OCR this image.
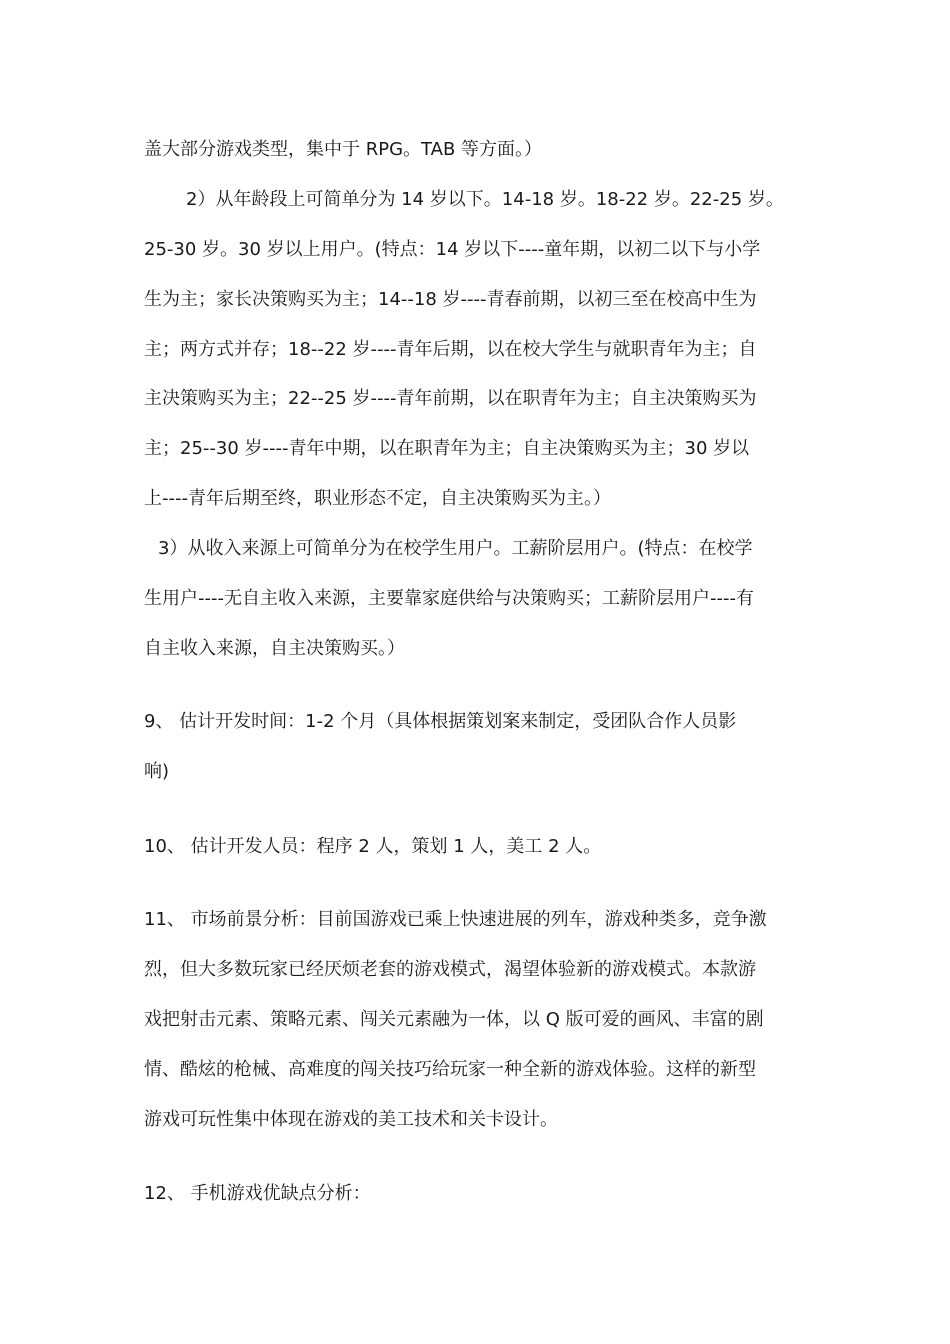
盖大部分游戏类型，集中于 RPG。TAB 等方面。）
2）从年龄段上可简单分为 14 岁以下。14-18 岁。18-22 岁。22-25 岁。
25-30 岁。30 岁以上用户。(特点：14 岁以下----童年期，以初二以下与小学
生为主；家长决策购买为主；14--18 岁----青春前期，以初三至在校高中生为
主；两方式并存；18--22 岁----青年后期，以在校大学生与就职青年为主；自
主决策购买为主；22--25 岁----青年前期，以在职青年为主；自主决策购买为
主；25--30 岁----青年中期，以在职青年为主；自主决策购买为主；30 岁以
上----青年后期至终，职业形态不定，自主决策购买为主。）
3）从收入来源上可简单分为在校学生用户。工薪阶层用户。(特点：在校学
生用户----无自主收入来源，主要靠家庭供给与决策购买；工薪阶层用户----有
自主收入来源，自主决策购买。）
9、 估计开发时间：1-2 个月（具体根据策划案来制定，受团队合作人员影
响)
10、 估计开发人员：程序 2 人，策划 1 人，美工 2 人。
11、 市场前景分析：目前国游戏已乘上快速进展的列车，游戏种类多，竞争激
烈，但大多数玩家已经厌烦老套的游戏模式，渴望体验新的游戏模式。本款游
戏把射击元素、策略元素、闯关元素融为一体，以 Q 版可爱的画风、丰富的剧
情、酷炫的枪械、高难度的闯关技巧给玩家一种全新的游戏体验。这样的新型
游戏可玩性集中体现在游戏的美工技术和关卡设计。
12、 手机游戏优缺点分析：
